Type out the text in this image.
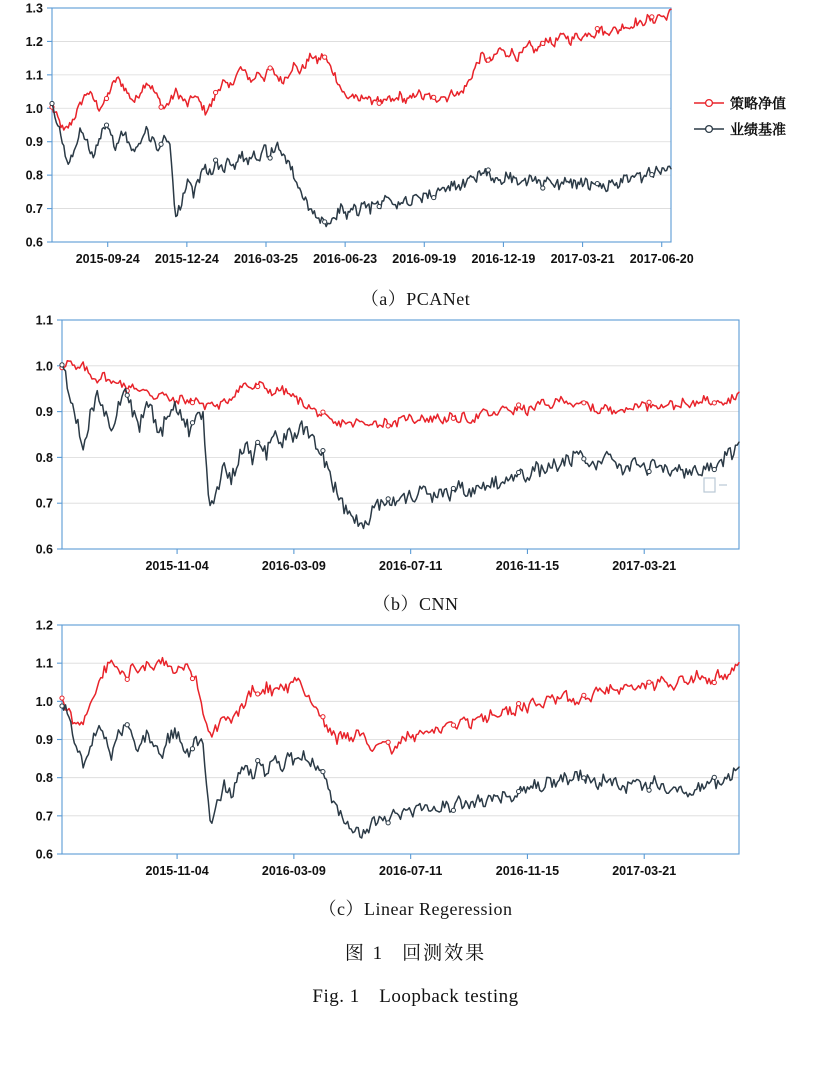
0.6
0.7
0.8
0.9
1.0
1.1
1.2
1.3
2015-09-24 2015-12-24 2016-03-25 2016-06-23 2016-09-19 2016-12-19 2017-03-21 2017-06-20
策略净值
业绩基准
（a）PCANet
0.6
0.7
0.8
0.9
1.0
1.1
2015-11-04	2016-03-09	2016-07-11	2016-11-15	2017-03-21
（b）CNN
0.6
0.7
0.8
0.9
1.0
1.1
1.2
2015-11-04	2016-03-09	2016-07-11	2016-11-15	2017-03-21
（c）Linear Regeression
图 1 回测效果
Fig. 1　Loopback testing
